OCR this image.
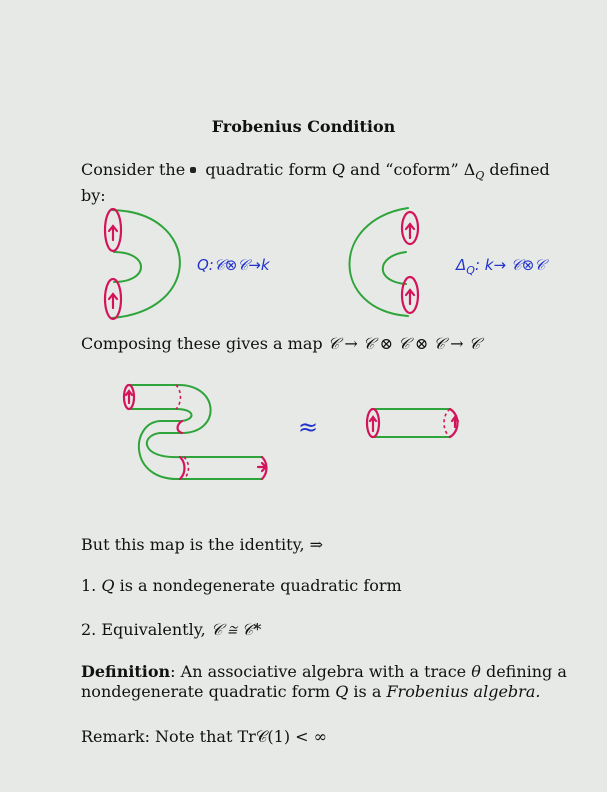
Frobenius Condition
Consider the  quadratic form Q and “coform” $\Delta_Q$ defined by:
Q:𝒞⊗𝒞→k	$\Delta_Q$: k→ 𝒞⊗𝒞
Composing these gives a map 𝒞 → 𝒞 ⊗ 𝒞 ⊗ 𝒞 → 𝒞
≈
But this map is the identity, ⇒
1. Q is a nondegenerate quadratic form
2. Equivalently, 𝒞 ≅ 𝒞*
Definition: An associative algebra with a trace θ defining a nondegenerate quadratic form Q is a Frobenius algebra.
Remark: Note that Tr𝒞(1) < ∞
